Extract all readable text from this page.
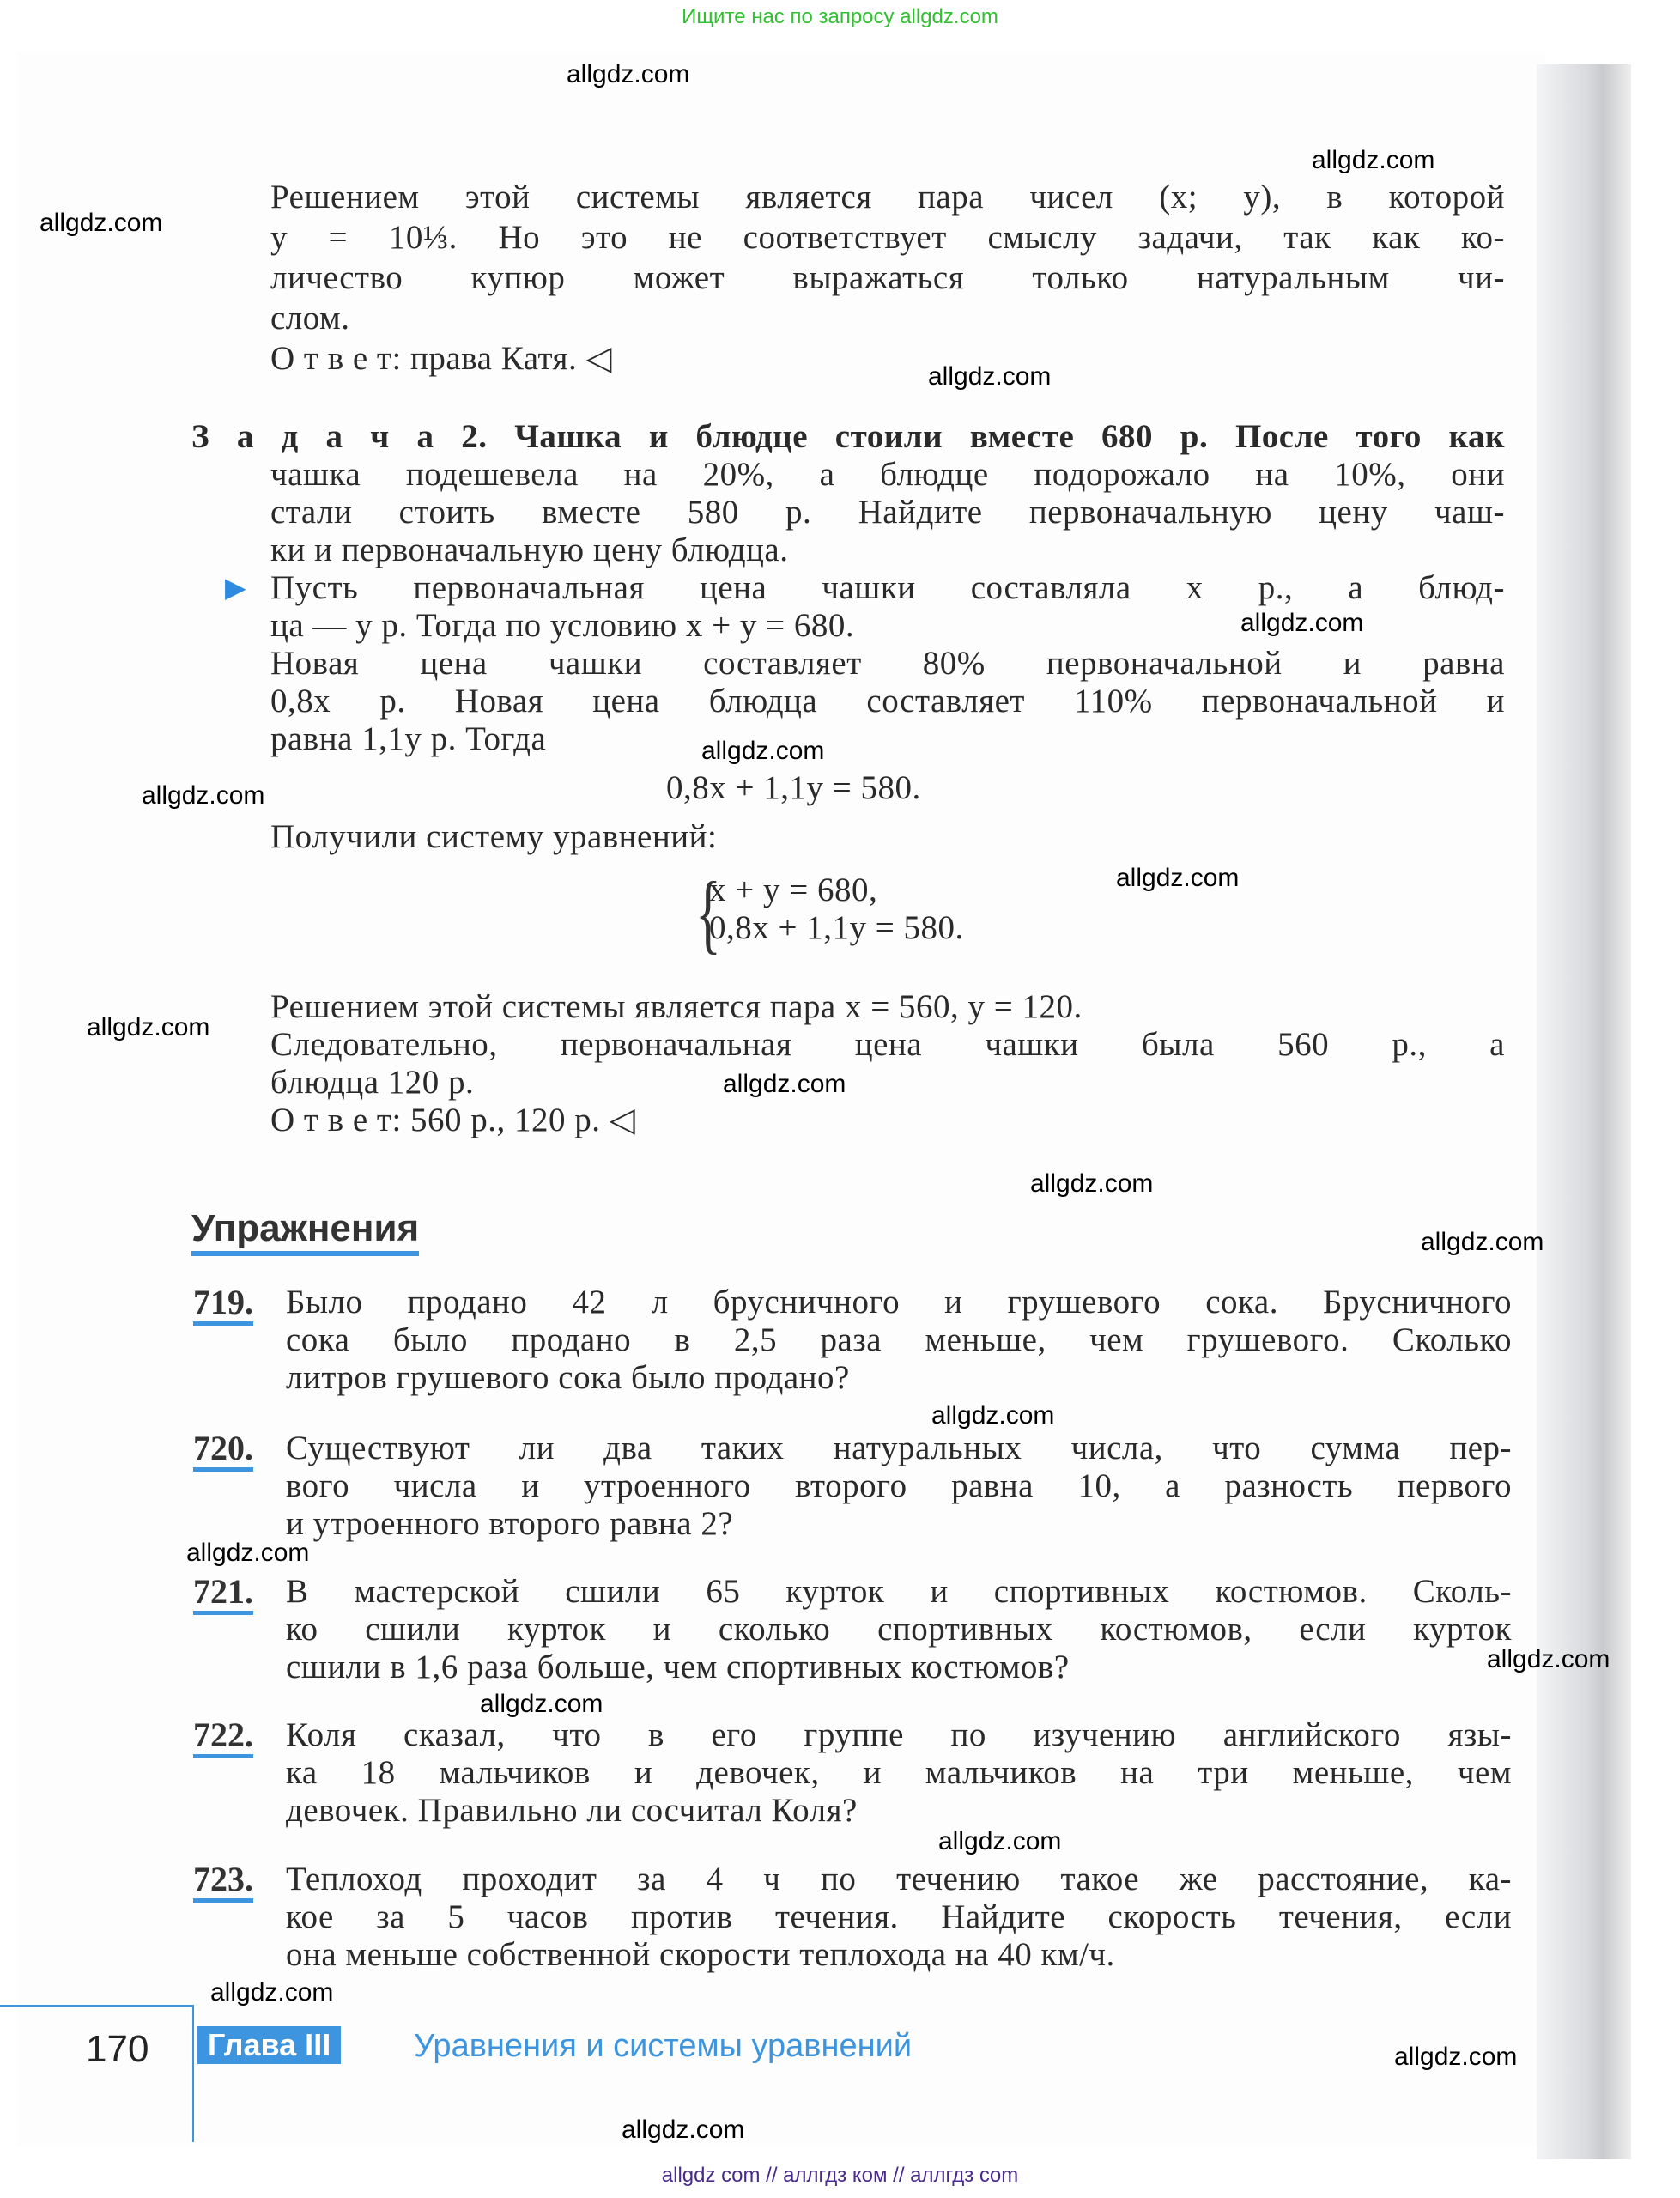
Ищите нас по запросу allgdz.com
Решением этой системы является пара чисел (x; y), в которой
y = 10⅓. Но это не соответствует смыслу задачи, так как ко-
личество купюр может выражаться только натуральным чи-
слом.
О т в е т: права Катя. ◁
З а д а ч а 2. Чашка и блюдце стоили вместе 680 р. После того как
чашка подешевела на 20%, а блюдце подорожало на 10%, они
стали стоить вместе 580 р. Найдите первоначальную цену чаш-
ки и первоначальную цену блюдца.
▶ Пусть первоначальная цена чашки составляла x р., а блюд-
ца — y р. Тогда по условию x + y = 680.
Новая цена чашки составляет 80% первоначальной и равна
0,8x р. Новая цена блюдца составляет 110% первоначальной и
равна 1,1y р. Тогда
0,8x + 1,1y = 580.
Получили систему уравнений:
{
x + y = 680,
0,8x + 1,1y = 580.
Решением этой системы является пара x = 560, y = 120.
Следовательно, первоначальная цена чашки была 560 р., а
блюдца 120 р.
О т в е т: 560 р., 120 р. ◁
Упражнения
719. Было продано 42 л брусничного и грушевого сока. Брусничного
сока было продано в 2,5 раза меньше, чем грушевого. Сколько
литров грушевого сока было продано?
720. Существуют ли два таких натуральных числа, что сумма пер-
вого числа и утроенного второго равна 10, а разность первого
и утроенного второго равна 2?
721. В мастерской сшили 65 курток и спортивных костюмов. Сколь-
ко сшили курток и сколько спортивных костюмов, если курток
сшили в 1,6 раза больше, чем спортивных костюмов?
722. Коля сказал, что в его группе по изучению английского язы-
ка 18 мальчиков и девочек, и мальчиков на три меньше, чем
девочек. Правильно ли сосчитал Коля?
723. Теплоход проходит за 4 ч по течению такое же расстояние, ка-
кое за 5 часов против течения. Найдите скорость течения, если
она меньше собственной скорости теплохода на 40 км/ч.
170	Глава III	Уравнения и системы уравнений
allgdz.com
allgdz.com
allgdz.com
allgdz.com
allgdz.com
allgdz.com
allgdz.com
allgdz.com
allgdz.com
allgdz.com
allgdz.com
allgdz.com
allgdz.com
allgdz.com
allgdz.com
allgdz.com
allgdz.com
allgdz.com
allgdz.com
allgdz.com
allgdz com // аллгдз ком // аллгдз com
